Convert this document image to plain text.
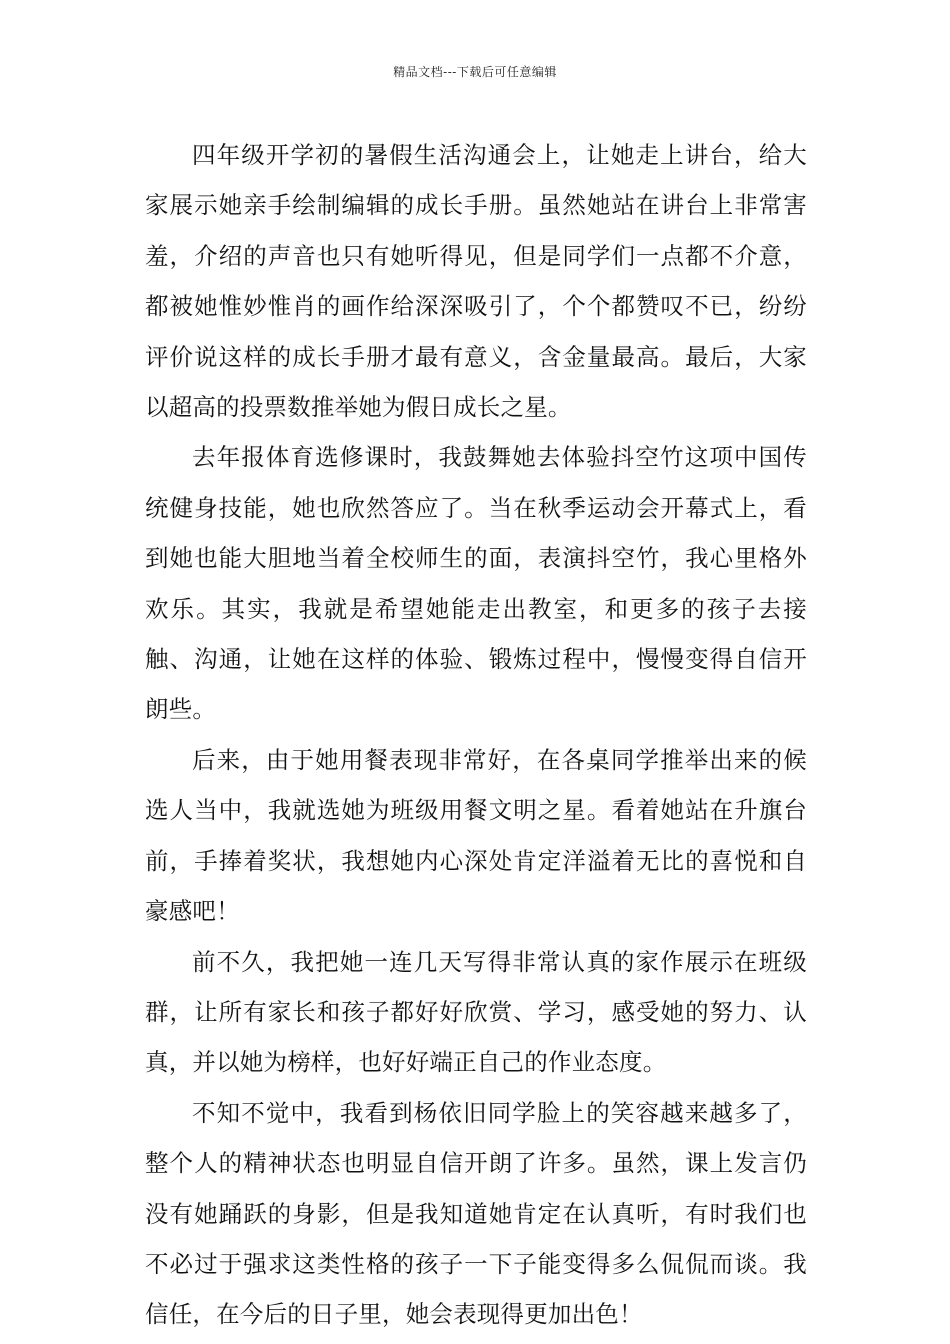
精品文档---下载后可任意编辑

四年级开学初的暑假生活沟通会上，让她走上讲台，给大家展示她亲手绘制编辑的成长手册。虽然她站在讲台上非常害羞，介绍的声音也只有她听得见，但是同学们一点都不介意，都被她惟妙惟肖的画作给深深吸引了，个个都赞叹不已，纷纷评价说这样的成长手册才最有意义，含金量最高。最后，大家以超高的投票数推举她为假日成长之星。

去年报体育选修课时，我鼓舞她去体验抖空竹这项中国传统健身技能，她也欣然答应了。当在秋季运动会开幕式上，看到她也能大胆地当着全校师生的面，表演抖空竹，我心里格外欢乐。其实，我就是希望她能走出教室，和更多的孩子去接触、沟通，让她在这样的体验、锻炼过程中，慢慢变得自信开朗些。

后来，由于她用餐表现非常好，在各桌同学推举出来的候选人当中，我就选她为班级用餐文明之星。看着她站在升旗台前，手捧着奖状，我想她内心深处肯定洋溢着无比的喜悦和自豪感吧！

前不久，我把她一连几天写得非常认真的家作展示在班级群，让所有家长和孩子都好好欣赏、学习，感受她的努力、认真，并以她为榜样，也好好端正自己的作业态度。

不知不觉中，我看到杨依旧同学脸上的笑容越来越多了，整个人的精神状态也明显自信开朗了许多。虽然，课上发言仍没有她踊跃的身影，但是我知道她肯定在认真听，有时我们也不必过于强求这类性格的孩子一下子能变得多么侃侃而谈。我信任，在今后的日子里，她会表现得更加出色！
